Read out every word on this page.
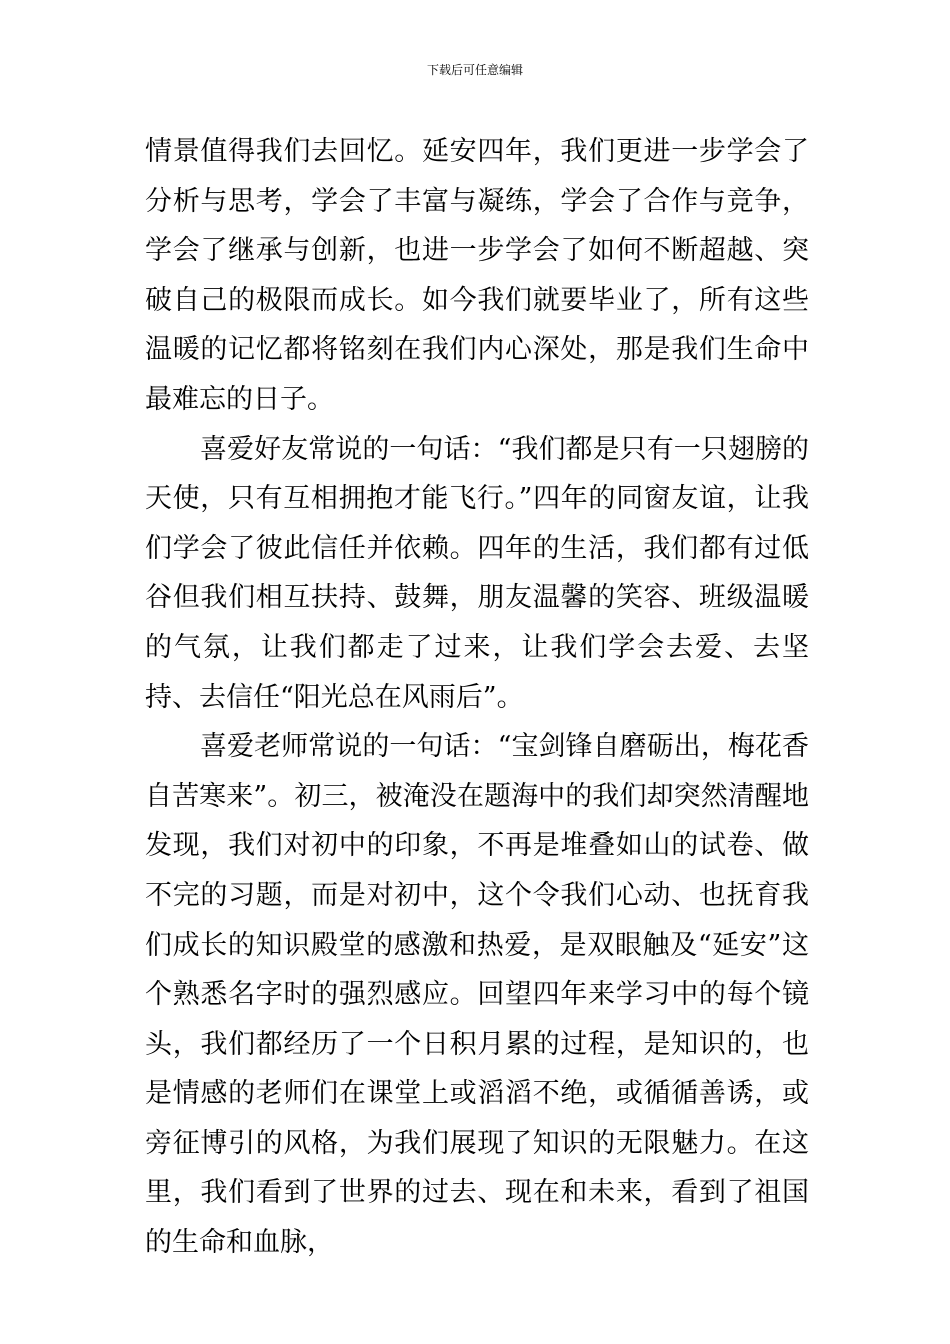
下载后可任意编辑

情景值得我们去回忆。延安四年，我们更进一步学会了分析与思考，学会了丰富与凝练，学会了合作与竞争，学会了继承与创新，也进一步学会了如何不断超越、突破自己的极限而成长。如今我们就要毕业了，所有这些温暖的记忆都将铭刻在我们内心深处，那是我们生命中最难忘的日子。

喜爱好友常说的一句话：“我们都是只有一只翅膀的天使，只有互相拥抱才能飞行。”四年的同窗友谊，让我们学会了彼此信任并依赖。四年的生活，我们都有过低谷但我们相互扶持、鼓舞，朋友温馨的笑容、班级温暖的气氛，让我们都走了过来，让我们学会去爱、去坚持、去信任“阳光总在风雨后”。

喜爱老师常说的一句话：“宝剑锋自磨砺出，梅花香自苦寒来”。初三，被淹没在题海中的我们却突然清醒地发现，我们对初中的印象，不再是堆叠如山的试卷、做不完的习题，而是对初中，这个令我们心动、也抚育我们成长的知识殿堂的感激和热爱，是双眼触及“延安”这个熟悉名字时的强烈感应。回望四年来学习中的每个镜头，我们都经历了一个日积月累的过程，是知识的，也是情感的老师们在课堂上或滔滔不绝，或循循善诱，或旁征博引的风格，为我们展现了知识的无限魅力。在这里，我们看到了世界的过去、现在和未来，看到了祖国的生命和血脉，
